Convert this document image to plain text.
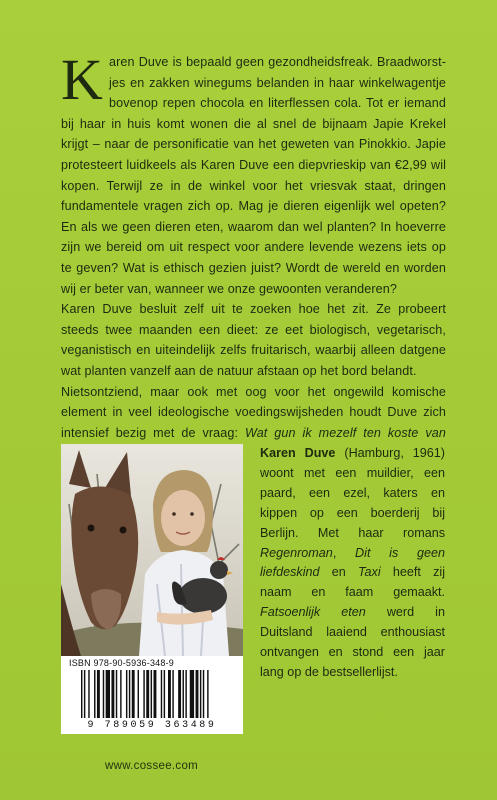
Karen Duve is bepaald geen gezondheidsfreak. Braadworst- jes en zakken winegums belanden in haar winkelwagentje bovenop repen chocola en literflessen cola. Tot er iemand bij haar in huis komt wonen die al snel de bijnaam Japie Krekel krijgt – naar de personificatie van het geweten van Pinokkio. Japie protesteert luidkeels als Karen Duve een diepvrieskip van €2,99 wil kopen. Terwijl ze in de winkel voor het vriesvak staat, dringen fundamentele vragen zich op. Mag je dieren eigenlijk wel opeten? En als we geen dieren eten, waarom dan wel planten? In hoeverre zijn we bereid om uit respect voor andere levende wezens iets op te geven? Wat is ethisch gezien juist? Wordt de wereld en worden wij er beter van, wanneer we onze gewoonten veranderen?

Karen Duve besluit zelf uit te zoeken hoe het zit. Ze probeert steeds twee maanden een dieet: ze eet biologisch, vegetarisch, veganistisch en uiteindelijk zelfs fruitarisch, waarbij alleen datgene wat planten vanzelf aan de natuur afstaan op het bord belandt.

Nietsontziend, maar ook met oog voor het ongewild komische element in veel ideologische voedingswijsheden houdt Duve zich intensief bezig met de vraag: Wat gun ik mezelf ten koste van

Karen Duve (Hamburg, 1961) woont met een muildier, een paard, een ezel, katers en kippen op een boerderij bij Berlijn. Met haar romans Regenroman, Dit is geen liefdeskind en Taxi heeft zij naam en faam gemaakt. Fatsoenlijk eten werd in Duitsland laaiend enthousiast ontvangen en stond een jaar lang op de bestsellerlijst.

ISBN 978-90-5936-348-9
9 789059 363489
www.cossee.com
